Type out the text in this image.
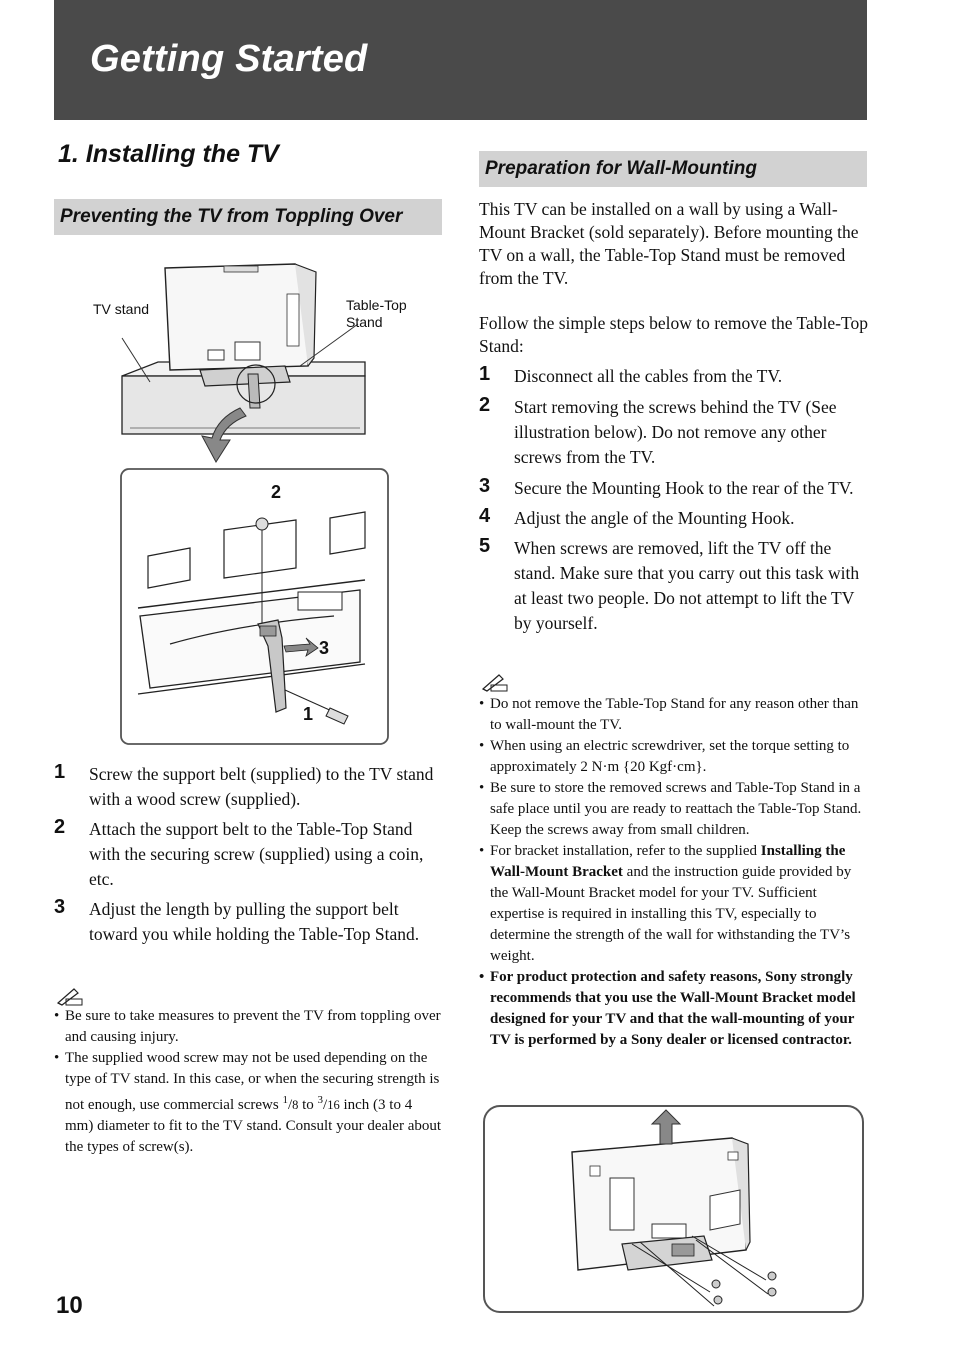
Getting Started
1. Installing the TV
Preventing the TV from Toppling Over
TV stand	Table-Top Stand
2
3
1
1 Screw the support belt (supplied) to the TV stand with a wood screw (supplied).
2 Attach the support belt to the Table-Top Stand with the securing screw (supplied) using a coin, etc.
3 Adjust the length by pulling the support belt toward you while holding the Table-Top Stand.
• Be sure to take measures to prevent the TV from toppling over and causing injury.
• The supplied wood screw may not be used depending on the type of TV stand. In this case, or when the securing strength is not enough, use commercial screws $^1$/8 to $^3$/16 inch (3 to 4 mm) diameter to fit to the TV stand. Consult your dealer about the types of screw(s).
Preparation for Wall-Mounting

This TV can be installed on a wall by using a Wall-Mount Bracket (sold separately). Before mounting the TV on a wall, the Table-Top Stand must be removed from the TV.

Follow the simple steps below to remove the Table-Top Stand:

1 Disconnect all the cables from the TV.
2 Start removing the screws behind the TV (See illustration below). Do not remove any other screws from the TV.
3 Secure the Mounting Hook to the rear of the TV.
4 Adjust the angle of the Mounting Hook.
5 When screws are removed, lift the TV off the stand. Make sure that you carry out this task with at least two people. Do not attempt to lift the TV by yourself.
• Do not remove the Table-Top Stand for any reason other than to wall-mount the TV.
• When using an electric screwdriver, set the torque setting to approximately 2 N·m {20 Kgf·cm}.
• Be sure to store the removed screws and Table-Top Stand in a safe place until you are ready to reattach the Table-Top Stand. Keep the screws away from small children.
• For bracket installation, refer to the supplied Installing the Wall-Mount Bracket and the instruction guide provided by the Wall-Mount Bracket model for your TV. Sufficient expertise is required in installing this TV, especially to determine the strength of the wall for withstanding the TV’s weight.
• For product protection and safety reasons, Sony strongly recommends that you use the Wall-Mount Bracket model designed for your TV and that the wall-mounting of your TV is performed by a Sony dealer or licensed contractor.
10
